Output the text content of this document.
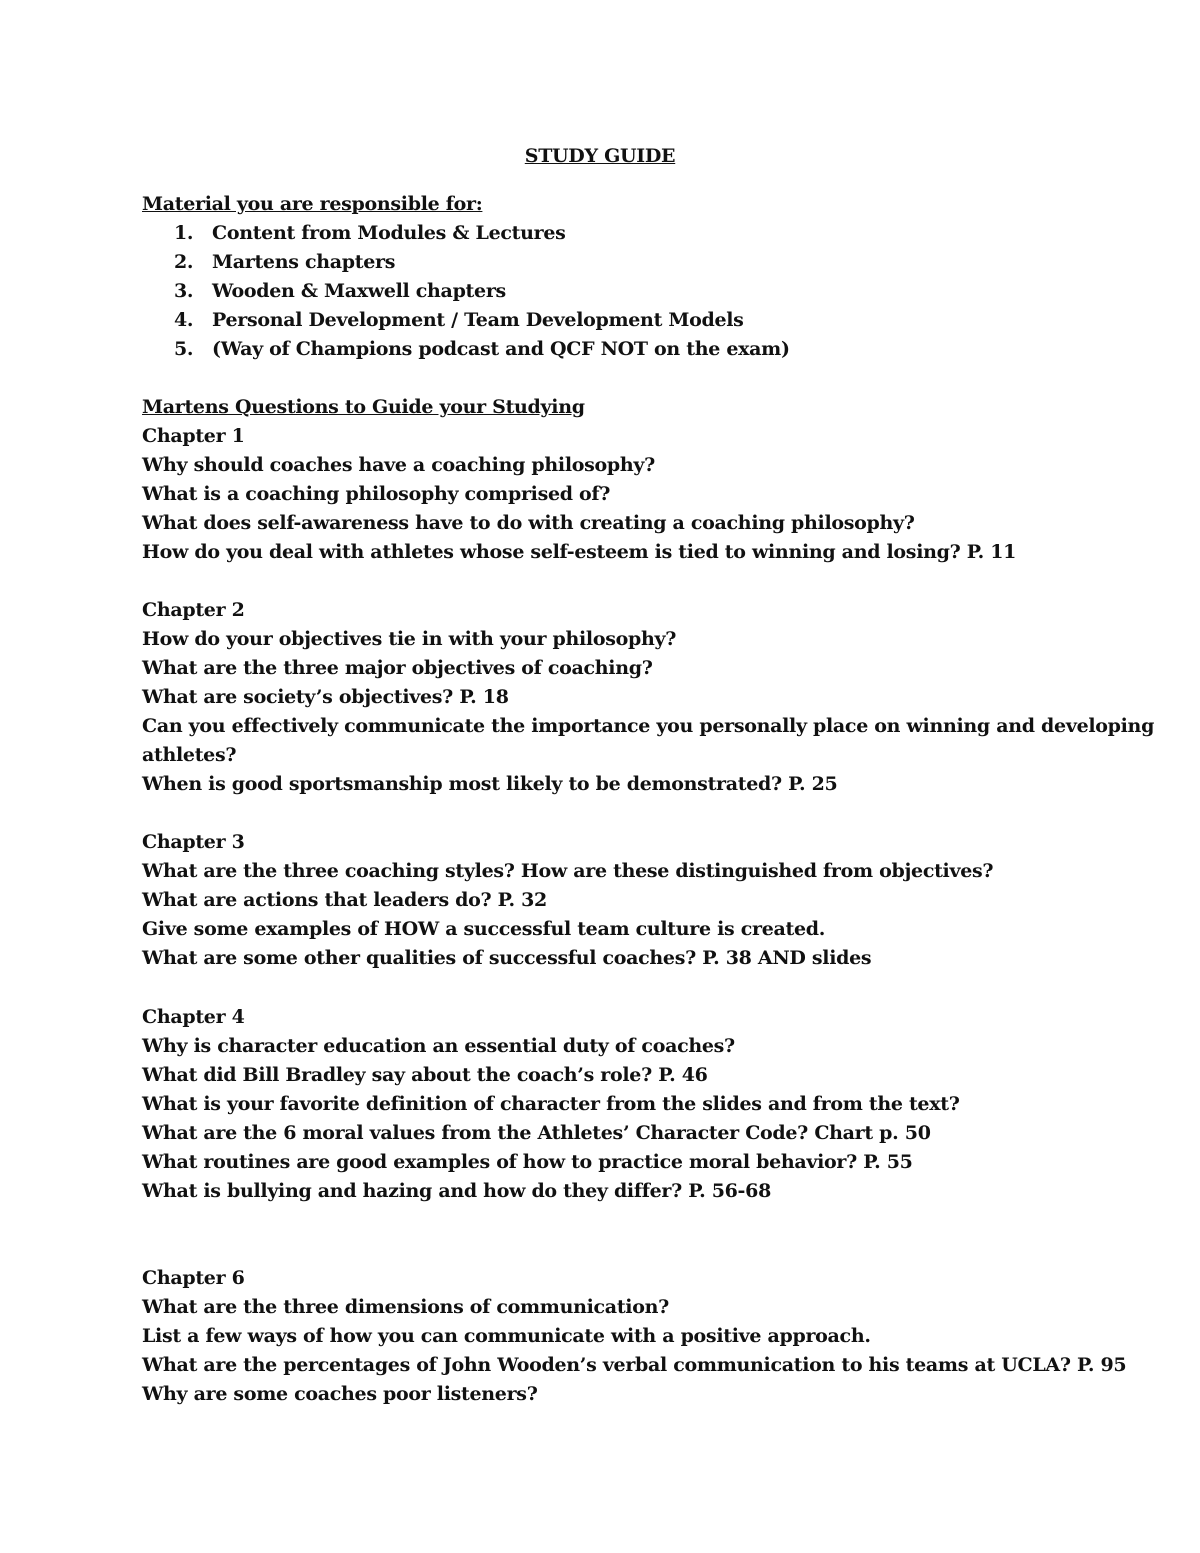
STUDY GUIDE
Material you are responsible for:
1. Content from Modules & Lectures
2. Martens chapters
3. Wooden & Maxwell chapters
4. Personal Development / Team Development Models
5. (Way of Champions podcast and QCF NOT on the exam)
Martens Questions to Guide your Studying
Chapter 1
Why should coaches have a coaching philosophy?
What is a coaching philosophy comprised of?
What does self-awareness have to do with creating a coaching philosophy?
How do you deal with athletes whose self-esteem is tied to winning and losing? P. 11
Chapter 2
How do your objectives tie in with your philosophy?
What are the three major objectives of coaching?
What are society’s objectives? P. 18
Can you effectively communicate the importance you personally place on winning and developing
athletes?
When is good sportsmanship most likely to be demonstrated? P. 25
Chapter 3
What are the three coaching styles? How are these distinguished from objectives?
What are actions that leaders do? P. 32
Give some examples of HOW a successful team culture is created.
What are some other qualities of successful coaches? P. 38 AND slides
Chapter 4
Why is character education an essential duty of coaches?
What did Bill Bradley say about the coach’s role? P. 46
What is your favorite definition of character from the slides and from the text?
What are the 6 moral values from the Athletes’ Character Code? Chart p. 50
What routines are good examples of how to practice moral behavior? P. 55
What is bullying and hazing and how do they differ? P. 56-68
Chapter 6
What are the three dimensions of communication?
List a few ways of how you can communicate with a positive approach.
What are the percentages of John Wooden’s verbal communication to his teams at UCLA? P. 95
Why are some coaches poor listeners?
